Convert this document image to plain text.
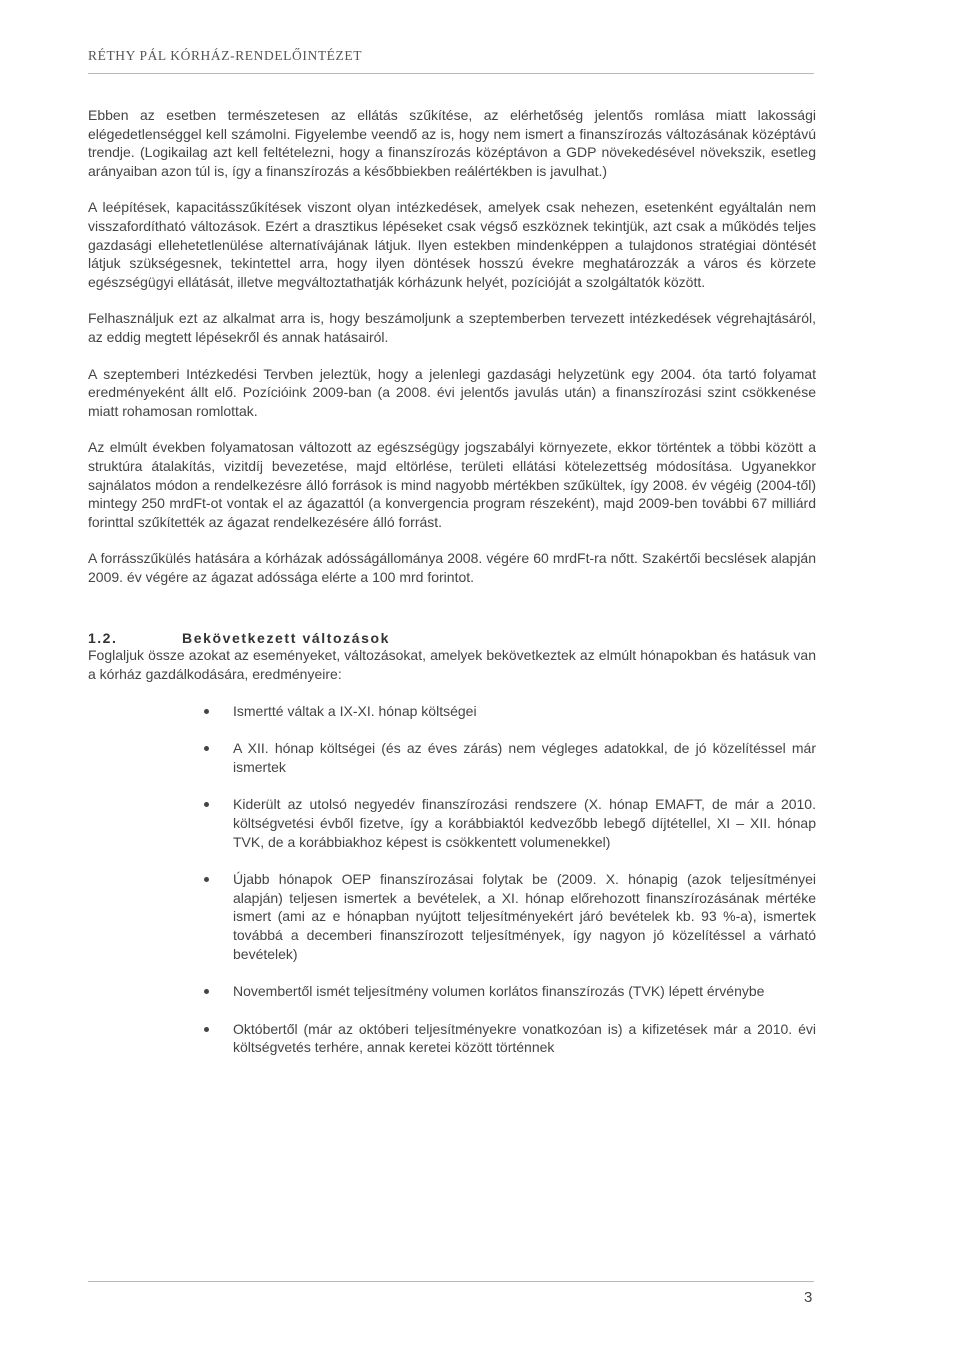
RÉTHY PÁL KÓRHÁZ-RENDELŐINTÉZET

Ebben az esetben természetesen az ellátás szűkítése, az elérhetőség jelentős romlása miatt lakossági elégedetlenséggel kell számolni. Figyelembe veendő az is, hogy nem ismert a finanszírozás változásának középtávú trendje. (Logikailag azt kell feltételezni, hogy a finanszírozás középtávon a GDP növekedésével növekszik, esetleg arányaiban azon túl is, így a finanszírozás a későbbiekben reálértékben is javulhat.)

A leépítések, kapacitásszűkítések viszont olyan intézkedések, amelyek csak nehezen, esetenként egyáltalán nem visszafordítható változások. Ezért a drasztikus lépéseket csak végső eszköznek tekintjük, azt csak a működés teljes gazdasági ellehetetlenülése alternatívájának látjuk. Ilyen estekben mindenképpen a tulajdonos stratégiai döntését látjuk szükségesnek, tekintettel arra, hogy ilyen döntések hosszú évekre meghatározzák a város és körzete egészségügyi ellátását, illetve megváltoztathatják kórházunk helyét, pozícióját a szolgáltatók között.

Felhasználjuk ezt az alkalmat arra is, hogy beszámoljunk a szeptemberben tervezett intézkedések végrehajtásáról, az eddig megtett lépésekről és annak hatásairól.

A szeptemberi Intézkedési Tervben jeleztük, hogy a jelenlegi gazdasági helyzetünk egy 2004. óta tartó folyamat eredményeként állt elő. Pozícióink 2009-ban (a 2008. évi jelentős javulás után) a finanszírozási szint csökkenése miatt rohamosan romlottak.

Az elmúlt években folyamatosan változott az egészségügy jogszabályi környezete, ekkor történtek a többi között a struktúra átalakítás, vizitdíj bevezetése, majd eltörlése, területi ellátási kötelezettség módosítása. Ugyanekkor sajnálatos módon a rendelkezésre álló források is mind nagyobb mértékben szűkültek, így 2008. év végéig (2004-től) mintegy 250 mrdFt-ot vontak el az ágazattól (a konvergencia program részeként), majd 2009-ben további 67 milliárd forinttal szűkítették az ágazat rendelkezésére álló forrást.

A forrásszűkülés hatására a kórházak adósságállománya 2008. végére 60 mrdFt-ra nőtt. Szakértői becslések alapján 2009. év végére az ágazat adóssága elérte a 100 mrd forintot.

1.2.	Bekövetkezett változások

Foglaljuk össze azokat az eseményeket, változásokat, amelyek bekövetkeztek az elmúlt hónapokban és hatásuk van a kórház gazdálkodására, eredményeire:

Ismertté váltak a IX-XI. hónap költségei
A XII. hónap költségei (és az éves zárás) nem végleges adatokkal, de jó közelítéssel már ismertek
Kiderült az utolsó negyedév finanszírozási rendszere (X. hónap EMAFT, de már a 2010. költségvetési évből fizetve, így a korábbiaktól kedvezőbb lebegő díjtétellel, XI – XII. hónap TVK, de a korábbiakhoz képest is csökkentett volumenekkel)
Újabb hónapok OEP finanszírozásai folytak be (2009. X. hónapig (azok teljesítményei alapján) teljesen ismertek a bevételek, a XI. hónap előrehozott finanszírozásának mértéke ismert (ami az e hónapban nyújtott teljesítményekért járó bevételek kb. 93 %-a), ismertek továbbá a decemberi finanszírozott teljesítmények, így nagyon jó közelítéssel a várható bevételek)
Novembertől ismét teljesítmény volumen korlátos finanszírozás (TVK) lépett érvénybe
Októbertől (már az októberi teljesítményekre vonatkozóan is) a kifizetések már a 2010. évi költségvetés terhére, annak keretei között történnek
3
